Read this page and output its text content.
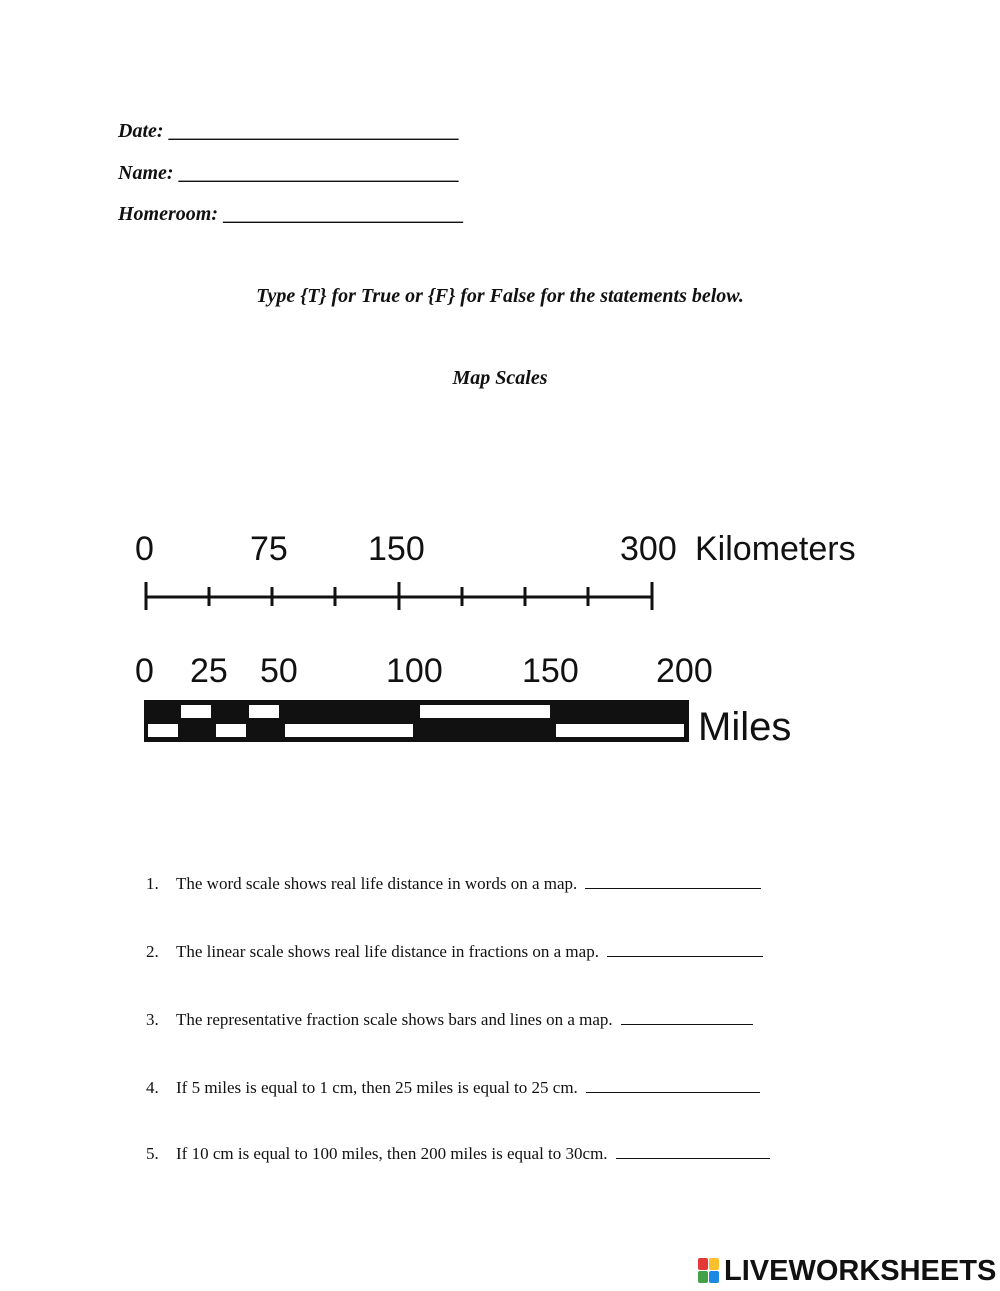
Date: _____________________________
Name: ____________________________
Homeroom: ________________________
Type {T} for True or {F} for False for the statements below.
Map Scales
0	75 150	300 Kilometers
0 25 50	100 150 200
Miles
1. The word scale shows real life distance in words on a map.
2. The linear scale shows real life distance in fractions on a map.
3. The representative fraction scale shows bars and lines on a map.
4. If 5 miles is equal to 1 cm, then 25 miles is equal to 25 cm.
5. If 10 cm is equal to 100 miles, then 200 miles is equal to 30cm.
LIVEWORKSHEETS
